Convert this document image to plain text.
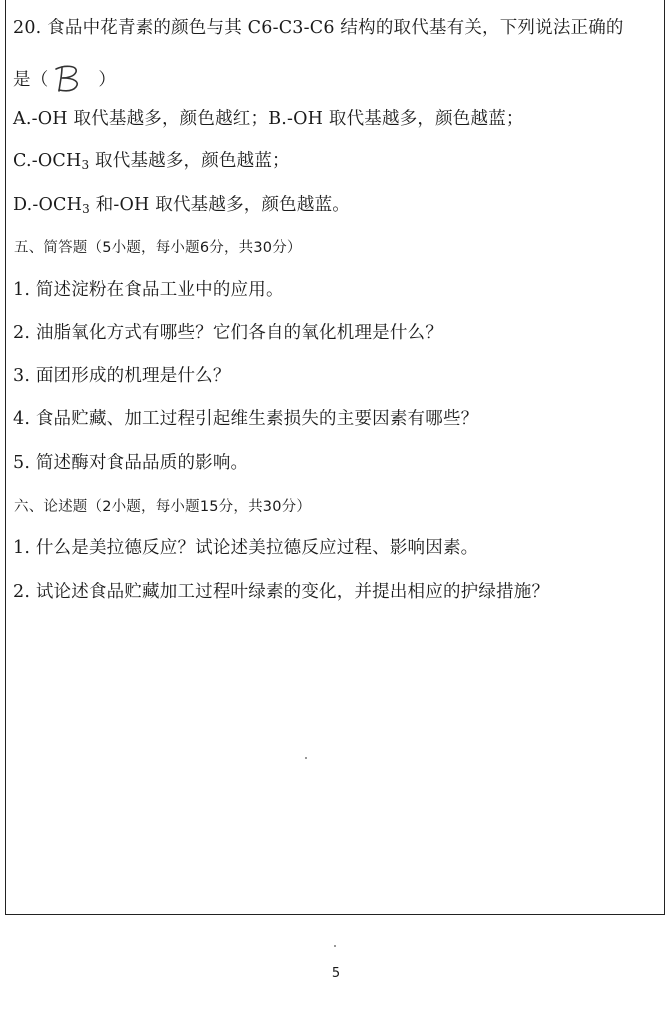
20. 食品中花青素的颜色与其 C6-C3-C6 结构的取代基有关，下列说法正确的
是（	）
A.-OH 取代基越多，颜色越红；B.-OH 取代基越多，颜色越蓝；
$C.-OCH_3$ 取代基越多，颜色越蓝；
$D.-OCH_3$ 和-OH 取代基越多，颜色越蓝。
五、简答题（5小题，每小题6分，共30分）
1. 简述淀粉在食品工业中的应用。
2. 油脂氧化方式有哪些？它们各自的氧化机理是什么？
3. 面团形成的机理是什么？
4. 食品贮藏、加工过程引起维生素损失的主要因素有哪些？
5. 简述酶对食品品质的影响。
六、论述题（2小题，每小题15分，共30分）
1. 什么是美拉德反应？试论述美拉德反应过程、影响因素。
2. 试论述食品贮藏加工过程叶绿素的变化，并提出相应的护绿措施？
5
